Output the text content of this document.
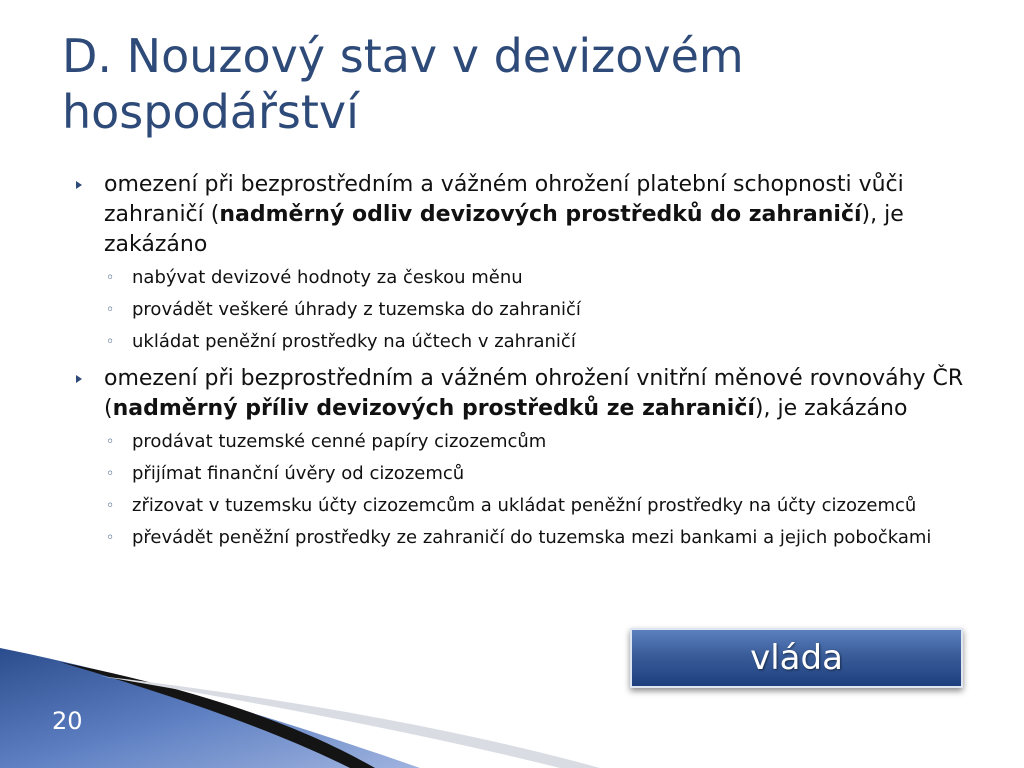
D. Nouzový stav v devizovém hospodářství
omezení při bezprostředním a vážném ohrožení platební schopnosti vůči zahraničí (nadměrný odliv devizových prostředků do zahraničí), je zakázáno
◦ nabývat devizové hodnoty za českou měnu
◦ provádět veškeré úhrady z tuzemska do zahraničí
◦ ukládat peněžní prostředky na účtech v zahraničí
omezení při bezprostředním a vážném ohrožení vnitřní měnové rovnováhy ČR (nadměrný příliv devizových prostředků ze zahraničí), je zakázáno
◦ prodávat tuzemské cenné papíry cizozemcům
◦ přijímat finanční úvěry od cizozemců
◦ zřizovat v tuzemsku účty cizozemcům a ukládat peněžní prostředky na účty cizozemců
◦ převádět peněžní prostředky ze zahraničí do tuzemska mezi bankami a jejich pobočkami
20
vláda
